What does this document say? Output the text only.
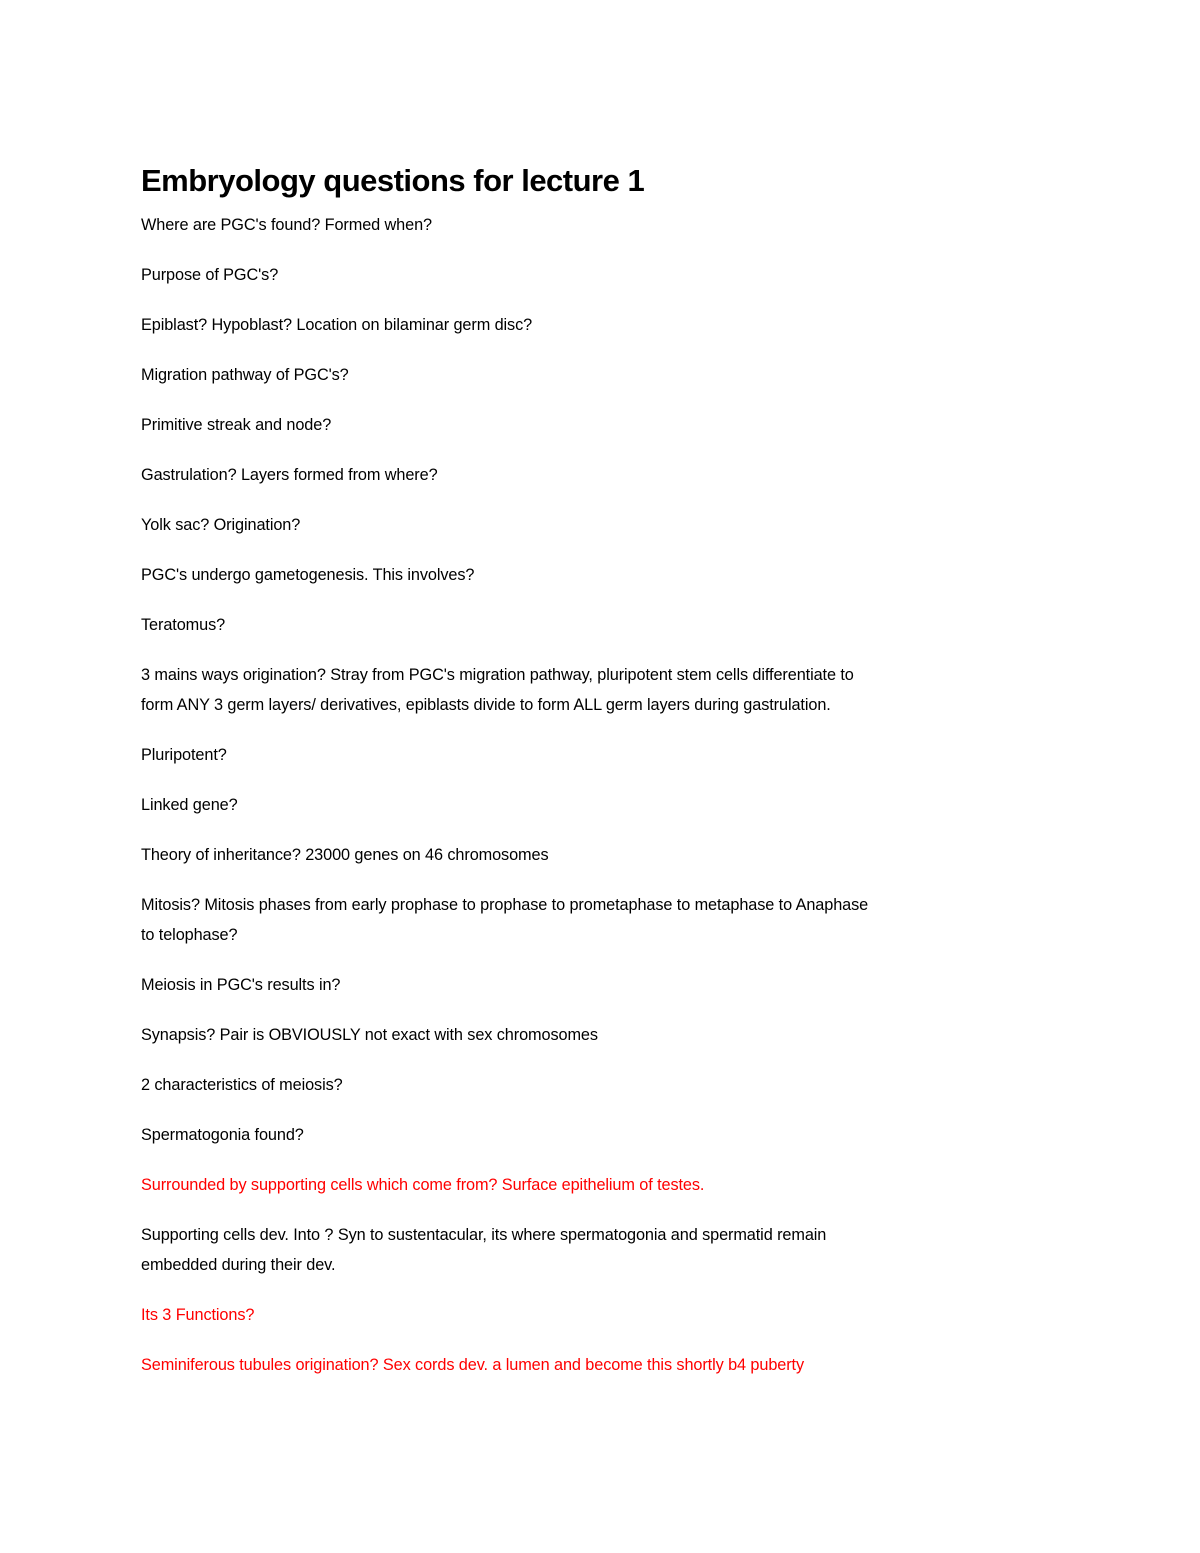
Embryology questions for lecture 1

Where are PGC's found? Formed when?

Purpose of PGC's?

Epiblast? Hypoblast? Location on bilaminar germ disc?

Migration pathway of PGC's?

Primitive streak and node?

Gastrulation? Layers formed from where?

Yolk sac? Origination?

PGC's undergo gametogenesis. This involves?

Teratomus?

3 mains ways origination? Stray from PGC's migration pathway, pluripotent stem cells differentiate to
form ANY 3 germ layers/ derivatives, epiblasts divide to form ALL germ layers during gastrulation.

Pluripotent?

Linked gene?

Theory of inheritance? 23000 genes on 46 chromosomes

Mitosis? Mitosis phases from early prophase to prophase to prometaphase to metaphase to Anaphase
to telophase?

Meiosis in PGC's results in?

Synapsis? Pair is OBVIOUSLY not exact with sex chromosomes

2 characteristics of meiosis?

Spermatogonia found?

Surrounded by supporting cells which come from? Surface epithelium of testes.

Supporting cells dev. Into ? Syn to sustentacular, its where spermatogonia and spermatid remain
embedded during their dev.

Its 3 Functions?

Seminiferous tubules origination? Sex cords dev. a lumen and become this shortly b4 puberty
